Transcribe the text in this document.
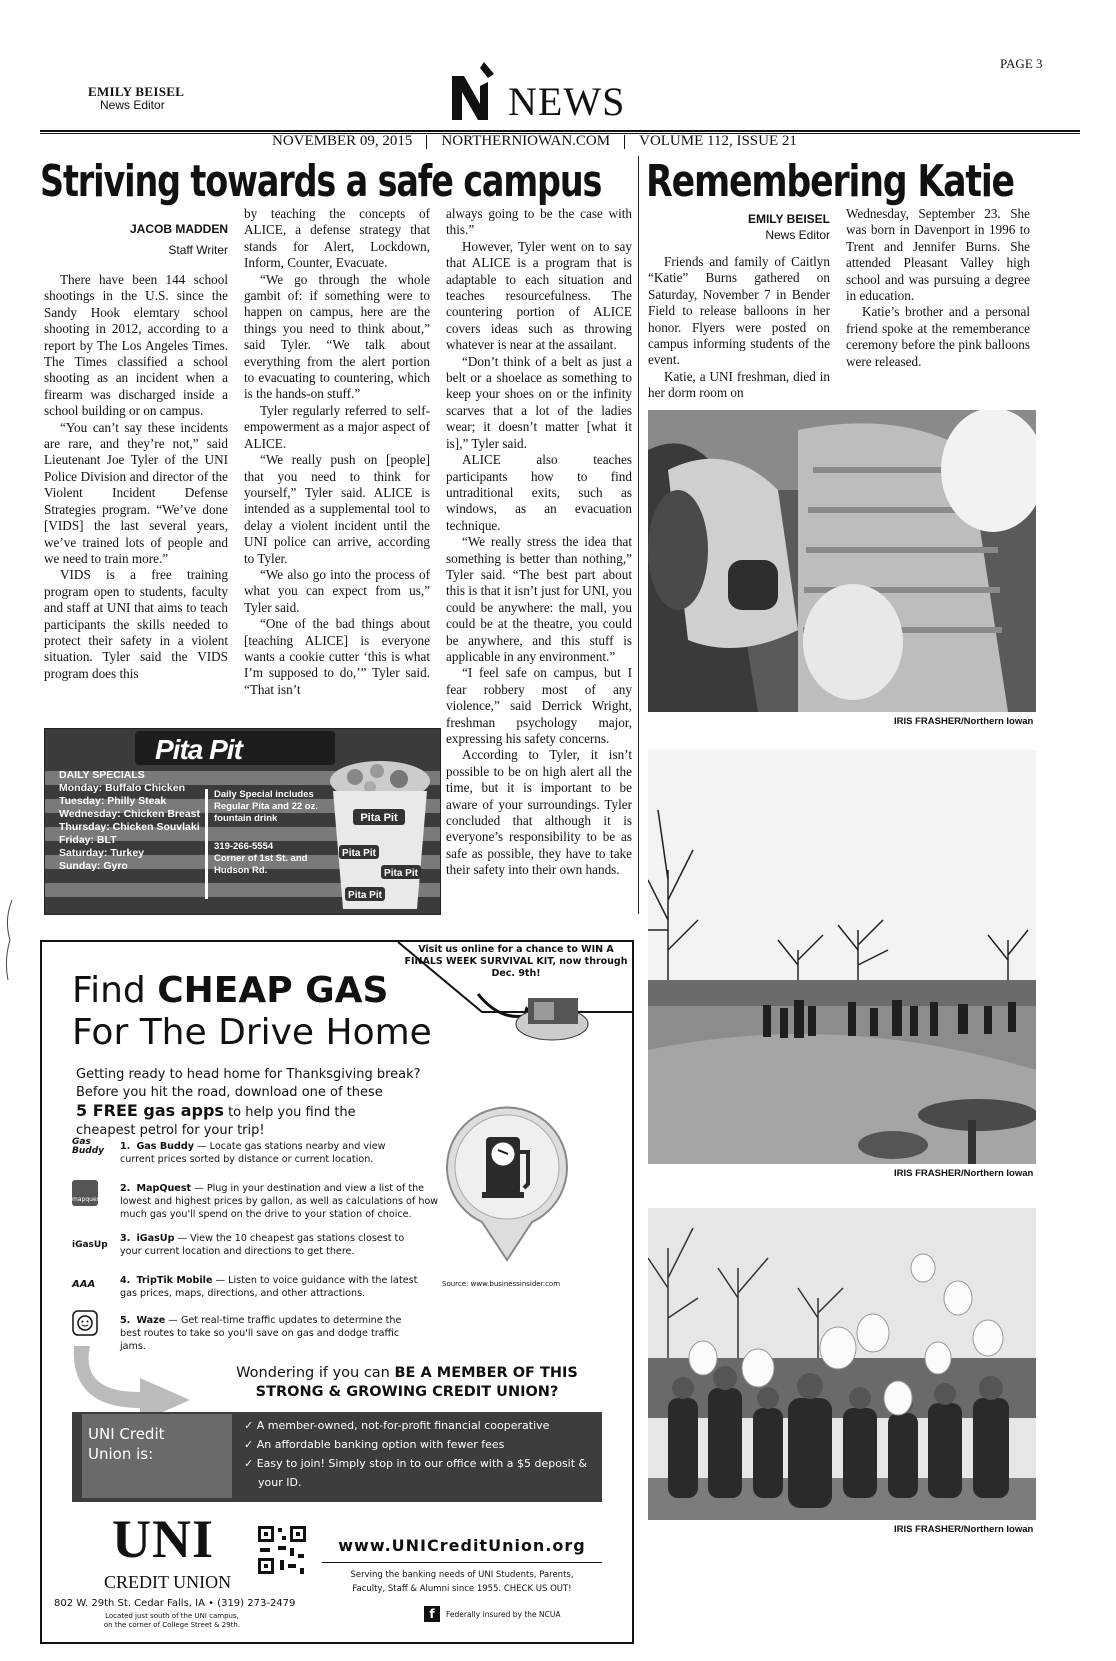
PAGE 3
EMILY BEISEL
News Editor	NEWS
NOVEMBER 09, 2015 NORTHERNIOWAN.COM VOLUME 112, ISSUE 21
Striving towards a safe campus
JACOB MADDEN
Staff Writer

There have been 144 school shootings in the U.S. since the Sandy Hook elemtary school shooting in 2012, according to a report by The Los Angeles Times. The Times classified a school shooting as an incident when a firearm was discharged inside a school building or on campus.

“You can’t say these incidents are rare, and they’re not,” said Lieutenant Joe Tyler of the UNI Police Division and director of the Violent Incident Defense Strategies program. “We’ve done [VIDS] the last several years, we’ve trained lots of people and we need to train more.”

VIDS is a free training program open to students, faculty and staff at UNI that aims to teach participants the skills needed to protect their safety in a violent situation. Tyler said the VIDS program does this

by teaching the concepts of ALICE, a defense strategy that stands for Alert, Lockdown, Inform, Counter, Evacuate.

“We go through the whole gambit of: if something were to happen on campus, here are the things you need to think about,” said Tyler. “We talk about everything from the alert portion to evacuating to countering, which is the hands-on stuff.”

Tyler regularly referred to self-empowerment as a major aspect of ALICE.

“We really push on [people] that you need to think for yourself,” Tyler said. ALICE is intended as a supplemental tool to delay a violent incident until the UNI police can arrive, according to Tyler.

“We also go into the process of what you can expect from us,” Tyler said.

“One of the bad things about [teaching ALICE] is everyone wants a cookie cutter ‘this is what I’m supposed to do,’” Tyler said. “That isn’t

always going to be the case with this.”

However, Tyler went on to say that ALICE is a program that is adaptable to each situation and teaches resourcefulness. The countering portion of ALICE covers ideas such as throwing whatever is near at the assailant.

“Don’t think of a belt as just a belt or a shoelace as something to keep your shoes on or the infinity scarves that a lot of the ladies wear; it doesn’t matter [what it is],” Tyler said.

ALICE also teaches participants how to find untraditional exits, such as windows, as an evacuation technique.

“We really stress the idea that something is better than nothing,” Tyler said. “The best part about this is that it isn’t just for UNI, you could be anywhere: the mall, you could be at the theatre, you could be anywhere, and this stuff is applicable in any environment.”

“I feel safe on campus, but I fear robbery most of any violence,” said Derrick Wright, freshman psychology major, expressing his safety concerns.

According to Tyler, it isn’t possible to be on high alert all the time, but it is important to be aware of your surroundings. Tyler concluded that although it is everyone’s responsibility to be as safe as possible, they have to take their safety into their own hands.

Pita Pit
DAILY SPECIALS
Monday: Buffalo Chicken
Tuesday: Philly Steak
Wednesday: Chicken Breast
Thursday: Chicken Souvlaki
Friday: BLT
Saturday: Turkey
Sunday: Gyro
Daily Special includes Regular Pita and 22 oz. fountain drink
319-266-5554
Corner of 1st St. and Hudson Rd.
Pita Pit
Pita Pit
Pita Pit
Pita Pit
Remembering Katie
EMILY BEISEL
News Editor

Friends and family of Caitlyn “Katie” Burns gathered on Saturday, November 7 in Bender Field to release balloons in her honor. Flyers were posted on campus informing students of the event.

Katie, a UNI freshman, died in her dorm room on

Wednesday, September 23. She was born in Davenport in 1996 to Trent and Jennifer Burns. She attended Pleasant Valley high school and was pursuing a degree in education.

Katie’s brother and a personal friend spoke at the rememberance ceremony before the pink balloons were released.

IRIS FRASHER/Northern Iowan
IRIS FRASHER/Northern Iowan
IRIS FRASHER/Northern Iowan
Visit us online for a chance to WIN A FINALS WEEK SURVIVAL KIT, now through Dec. 9th!
Find CHEAP GAS
For The Drive Home
Getting ready to head home for Thanksgiving break?
Before you hit the road, download one of these
5 FREE gas apps to help you find the
cheapest petrol for your trip!
Gas Buddy 1. Gas Buddy — Locate gas stations nearby and view current prices sorted by distance or current location.
mapquest
2. MapQuest — Plug in your destination and view a list of the lowest and highest prices by gallon, as well as calculations of how much gas you'll spend on the drive to your station of choice.
iGasUp
3. iGasUp — View the 10 cheapest gas stations closest to your current location and directions to get there.
AAA	4. TripTik Mobile — Listen to voice guidance with the latest gas prices, maps, directions, and other attractions.
Source: www.businessinsider.com
5. Waze — Get real-time traffic updates to determine the best routes to take so you'll save on gas and dodge traffic jams.
Wondering if you can BE A MEMBER OF THIS
STRONG & GROWING CREDIT UNION?
UNI Credit Union is:
✓ A member-owned, not-for-profit financial cooperative
✓ An affordable banking option with fewer fees
✓ Easy to join! Simply stop in to our office with a $5 deposit & your ID.
UNI
CREDIT UNION
802 W. 29th St. Cedar Falls, IA • (319) 273-2479
Located just south of the UNI campus,
on the corner of College Street & 29th.
www.UNICreditUnion.org
Serving the banking needs of UNI Students, Parents,
Faculty, Staff & Alumni since 1955. CHECK US OUT!
f	Federally insured by the NCUA
